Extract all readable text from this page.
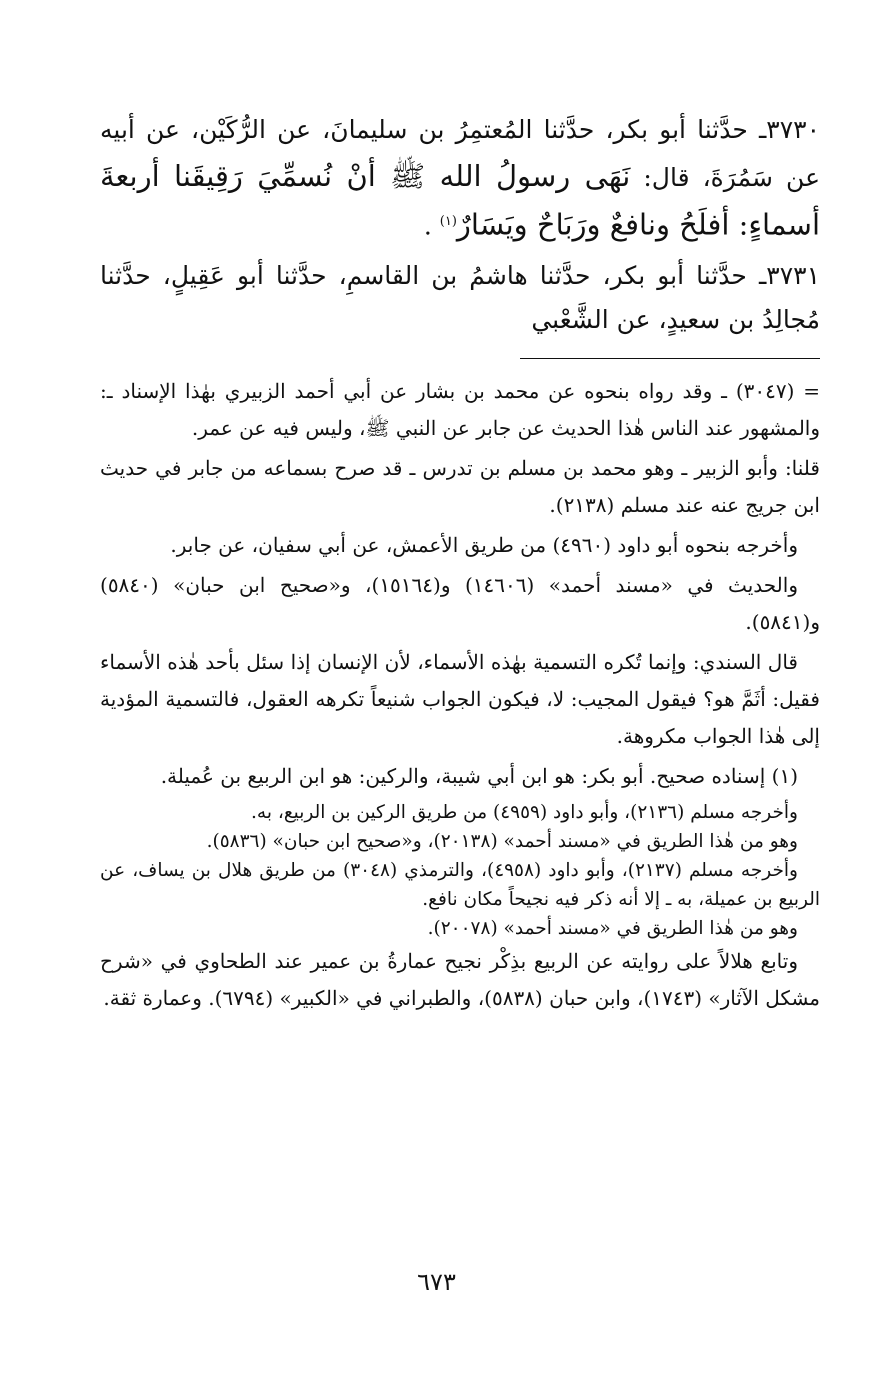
٣٧٣٠ـ حدَّثنا أبو بكر، حدَّثنا المُعتمِرُ بن سليمانَ، عن الرُّكَيْن، عن أبيه عن سَمُرَةَ، قال: نَهَى رسولُ الله ﷺ أنْ نُسمِّيَ رَقِيقَنا أربعةَ أسماءٍ: أفلَحُ ونافعٌ ورَبَاحٌ ويَسَارٌ$^{(١)}$ .

٣٧٣١ـ حدَّثنا أبو بكر، حدَّثنا هاشمُ بن القاسمِ، حدَّثنا أبو عَقِيلٍ، حدَّثنا مُجالِدُ بن سعيدٍ، عن الشَّعْبي

= (٣٠٤٧) ـ وقد رواه بنحوه عن محمد بن بشار عن أبي أحمد الزبيري بهٰذا الإسناد ـ: والمشهور عند الناس هٰذا الحديث عن جابر عن النبي ﷺ، وليس فيه عن عمر.

قلنا: وأبو الزبير ـ وهو محمد بن مسلم بن تدرس ـ قد صرح بسماعه من جابر في حديث ابن جريج عنه عند مسلم (٢١٣٨).

وأخرجه بنحوه أبو داود (٤٩٦٠) من طريق الأعمش، عن أبي سفيان، عن جابر.

والحديث في «مسند أحمد» (١٤٦٠٦) و(١٥١٦٤)، و«صحيح ابن حبان» (٥٨٤٠) و(٥٨٤١).

قال السندي: وإنما تُكره التسمية بهٰذه الأسماء، لأن الإنسان إذا سئل بأحد هٰذه الأسماء فقيل: أثَمَّ هو؟ فيقول المجيب: لا، فيكون الجواب شنيعاً تكرهه العقول، فالتسمية المؤدية إلى هٰذا الجواب مكروهة.

(١) إسناده صحيح. أبو بكر: هو ابن أبي شيبة، والركين: هو ابن الربيع بن عُميلة.

وأخرجه مسلم (٢١٣٦)، وأبو داود (٤٩٥٩) من طريق الركين بن الربيع، به.

وهو من هٰذا الطريق في «مسند أحمد» (٢٠١٣٨)، و«صحيح ابن حبان» (٥٨٣٦).

وأخرجه مسلم (٢١٣٧)، وأبو داود (٤٩٥٨)، والترمذي (٣٠٤٨) من طريق هلال بن يساف، عن الربيع بن عميلة، به ـ إلا أنه ذكر فيه نجيحاً مكان نافع.

وهو من هٰذا الطريق في «مسند أحمد» (٢٠٠٧٨).

وتابع هلالاً على روايته عن الربيع بذِكْر نجيح عمارةُ بن عمير عند الطحاوي في «شرح مشكل الآثار» (١٧٤٣)، وابن حبان (٥٨٣٨)، والطبراني في «الكبير» (٦٧٩٤). وعمارة ثقة.

٦٧٣
